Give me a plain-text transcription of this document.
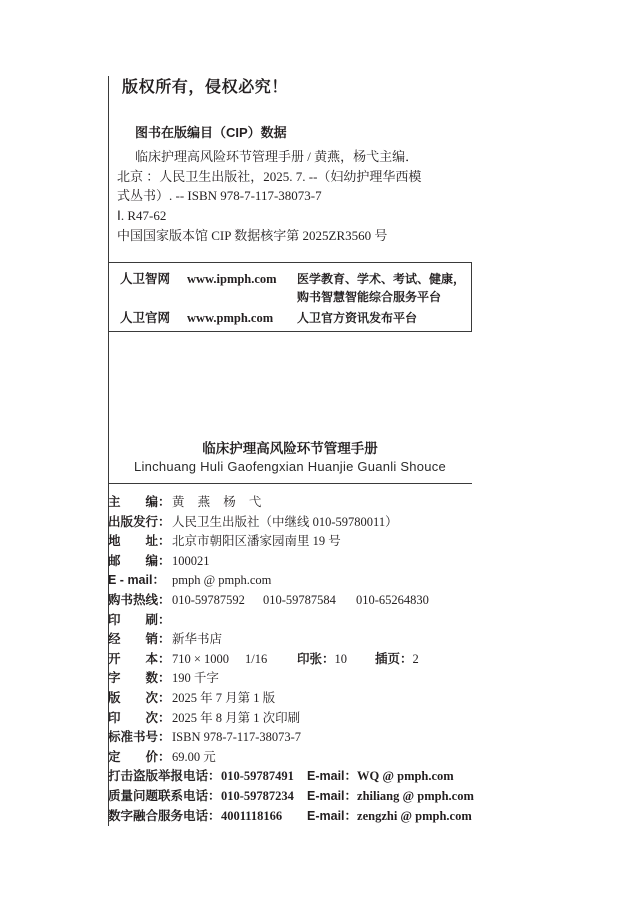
版权所有，侵权必究！
图书在版编目（CIP）数据
临床护理高风险环节管理手册 / 黄燕，杨弋主编．
北京 ：人民卫生出版社，2025. 7. --（妇幼护理华西模
式丛书）. -- ISBN 978-7-117-38073-7
Ⅰ. R47-62
中国国家版本馆 CIP 数据核字第 2025ZR3560 号
人卫智网 www.ipmph.com 医学教育、学术、考试、健康，
购书智慧智能综合服务平台
人卫官网 www.pmph.com 人卫官方资讯发布平台
临床护理高风险环节管理手册
Linchuang Huli Gaofengxian Huanjie Guanli Shouce
主 编： 黄 燕 杨 弋
出版发行：人民卫生出版社（中继线 010-59780011）
地 址： 北京市朝阳区潘家园南里 19 号
邮 编： 100021
E - mail： pmph @ pmph.com
购书热线： 010-59787592 010-59787584 010-65264830
印 刷：
经 销： 新华书店
开 本： 710 × 1000 1/16 印张：10 插页：2
字 数： 190 千字
版 次： 2025 年 7 月第 1 版
印 次： 2025 年 8 月第 1 次印刷
标准书号：ISBN 978-7-117-38073-7
定 价： 69.00 元
打击盗版举报电话： 010-59787491 E-mail：WQ @ pmph.com
质量问题联系电话： 010-59787234 E-mail：zhiliang @ pmph.com
数字融合服务电话： 4001118166 E-mail：zengzhi @ pmph.com
